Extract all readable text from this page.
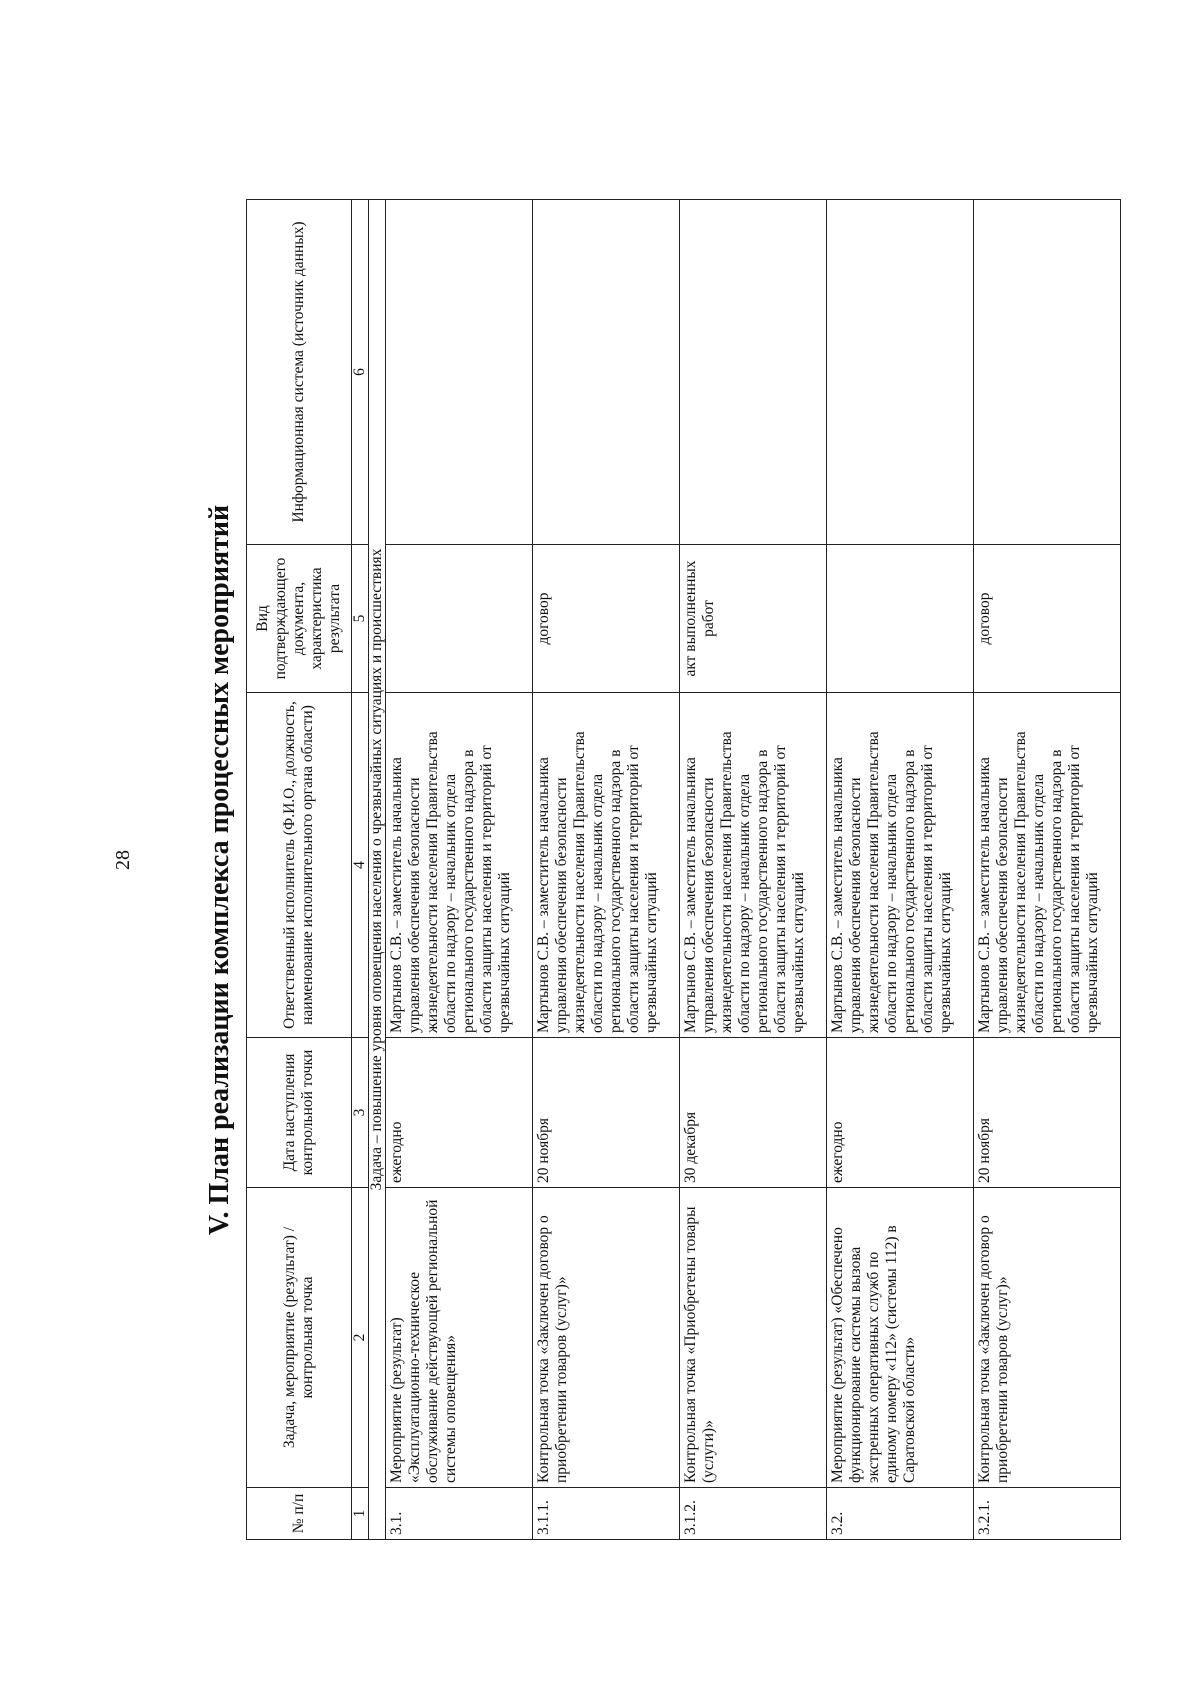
28	V. План реализации комплекса процессных мероприятий
№ п/п	Задача, мероприятие (результат) / контрольная точка	Дата наступления контрольной точки	Ответственный исполнитель (Ф.И.О., должность, наименование исполнительного органа области)	Вид подтверждающего документа, характеристика результата	Информационная система (источник данных)
1	2	3	4	5	6
Задача – повышение уровня оповещения населения о чрезвычайных ситуациях и происшествиях					
3.1.	Мероприятие (результат) «Эксплуатационно-техническое обслуживание действующей региональной системы оповещения»	ежегодно	Мартынов С.В. – заместитель начальника управления обеспечения безопасности жизнедеятельности населения Правительства области по надзору – начальник отдела регионального государственного надзора в области защиты населения и территорий от чрезвычайных ситуаций		
3.1.1.	Контрольная точка «Заключен договор о приобретении товаров (услуг)»	20 ноября	Мартынов С.В. – заместитель начальника управления обеспечения безопасности жизнедеятельности населения Правительства области по надзору – начальник отдела регионального государственного надзора в области защиты населения и территорий от чрезвычайных ситуаций	договор	
3.1.2.	Контрольная точка «Приобретены товары (услуги)»	30 декабря	Мартынов С.В. – заместитель начальника управления обеспечения безопасности жизнедеятельности населения Правительства области по надзору – начальник отдела регионального государственного надзора в области защиты населения и территорий от чрезвычайных ситуаций	акт выполненных работ	
3.2.	Мероприятие (результат) «Обеспечено функционирование системы вызова экстренных оперативных служб по единому номеру «112» (системы 112) в Саратовской области»	ежегодно	Мартынов С.В. – заместитель начальника управления обеспечения безопасности жизнедеятельности населения Правительства области по надзору – начальник отдела регионального государственного надзора в области защиты населения и территорий от чрезвычайных ситуаций		
3.2.1.	Контрольная точка «Заключен договор о приобретении товаров (услуг)»	20 ноября	Мартынов С.В. – заместитель начальника управления обеспечения безопасности жизнедеятельности населения Правительства области по надзору – начальник отдела регионального государственного надзора в области защиты населения и территорий от чрезвычайных ситуаций	договор	
